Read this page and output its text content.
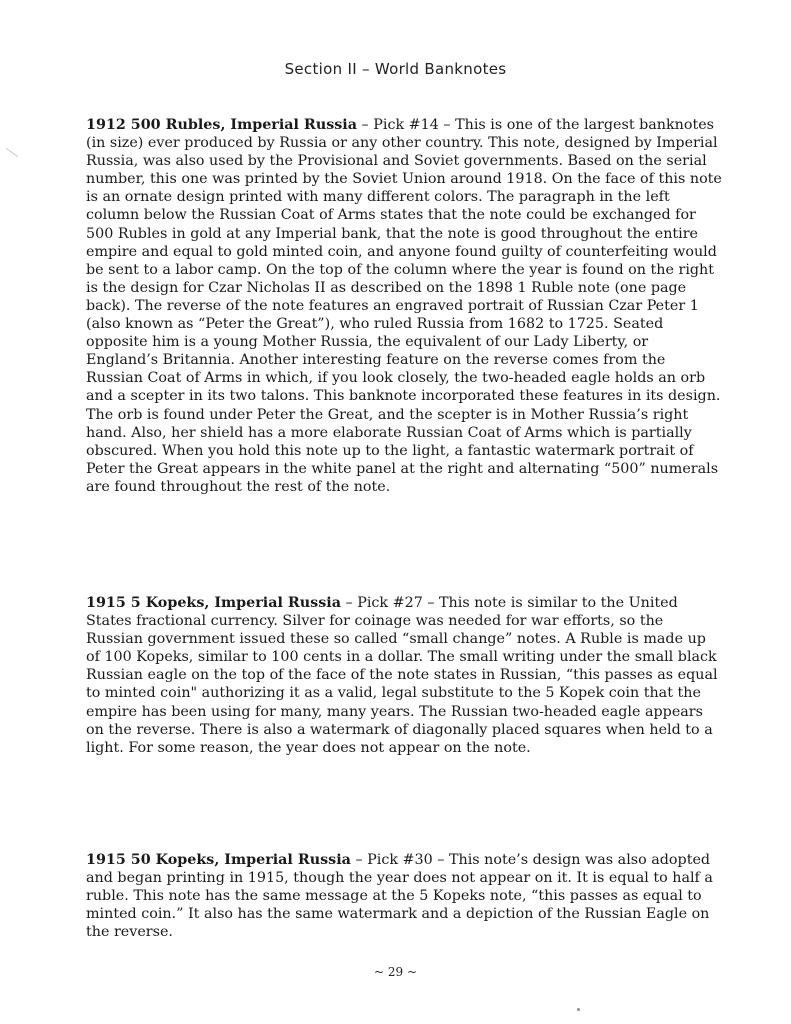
Section II – World Banknotes
1912 500 Rubles, Imperial Russia – Pick #14 – This is one of the largest banknotes (in size) ever produced by Russia or any other country. This note, designed by Imperial Russia, was also used by the Provisional and Soviet governments. Based on the serial number, this one was printed by the Soviet Union around 1918. On the face of this note is an ornate design printed with many different colors. The paragraph in the left column below the Russian Coat of Arms states that the note could be exchanged for 500 Rubles in gold at any Imperial bank, that the note is good throughout the entire empire and equal to gold minted coin, and anyone found guilty of counterfeiting would be sent to a labor camp. On the top of the column where the year is found on the right is the design for Czar Nicholas II as described on the 1898 1 Ruble note (one page back). The reverse of the note features an engraved portrait of Russian Czar Peter 1 (also known as “Peter the Great”), who ruled Russia from 1682 to 1725. Seated opposite him is a young Mother Russia, the equivalent of our Lady Liberty, or England’s Britannia. Another interesting feature on the reverse comes from the Russian Coat of Arms in which, if you look closely, the two-headed eagle holds an orb and a scepter in its two talons. This banknote incorporated these features in its design. The orb is found under Peter the Great, and the scepter is in Mother Russia’s right hand. Also, her shield has a more elaborate Russian Coat of Arms which is partially obscured. When you hold this note up to the light, a fantastic watermark portrait of Peter the Great appears in the white panel at the right and alternating “500” numerals are found throughout the rest of the note.
1915 5 Kopeks, Imperial Russia – Pick #27 – This note is similar to the United States fractional currency. Silver for coinage was needed for war efforts, so the Russian government issued these so called “small change” notes. A Ruble is made up of 100 Kopeks, similar to 100 cents in a dollar. The small writing under the small black Russian eagle on the top of the face of the note states in Russian, “this passes as equal to minted coin" authorizing it as a valid, legal substitute to the 5 Kopek coin that the empire has been using for many, many years. The Russian two-headed eagle appears on the reverse. There is also a watermark of diagonally placed squares when held to a light. For some reason, the year does not appear on the note.
1915 50 Kopeks, Imperial Russia – Pick #30 – This note’s design was also adopted and began printing in 1915, though the year does not appear on it. It is equal to half a ruble. This note has the same message at the 5 Kopeks note, “this passes as equal to minted coin.” It also has the same watermark and a depiction of the Russian Eagle on the reverse.
~ 29 ~
